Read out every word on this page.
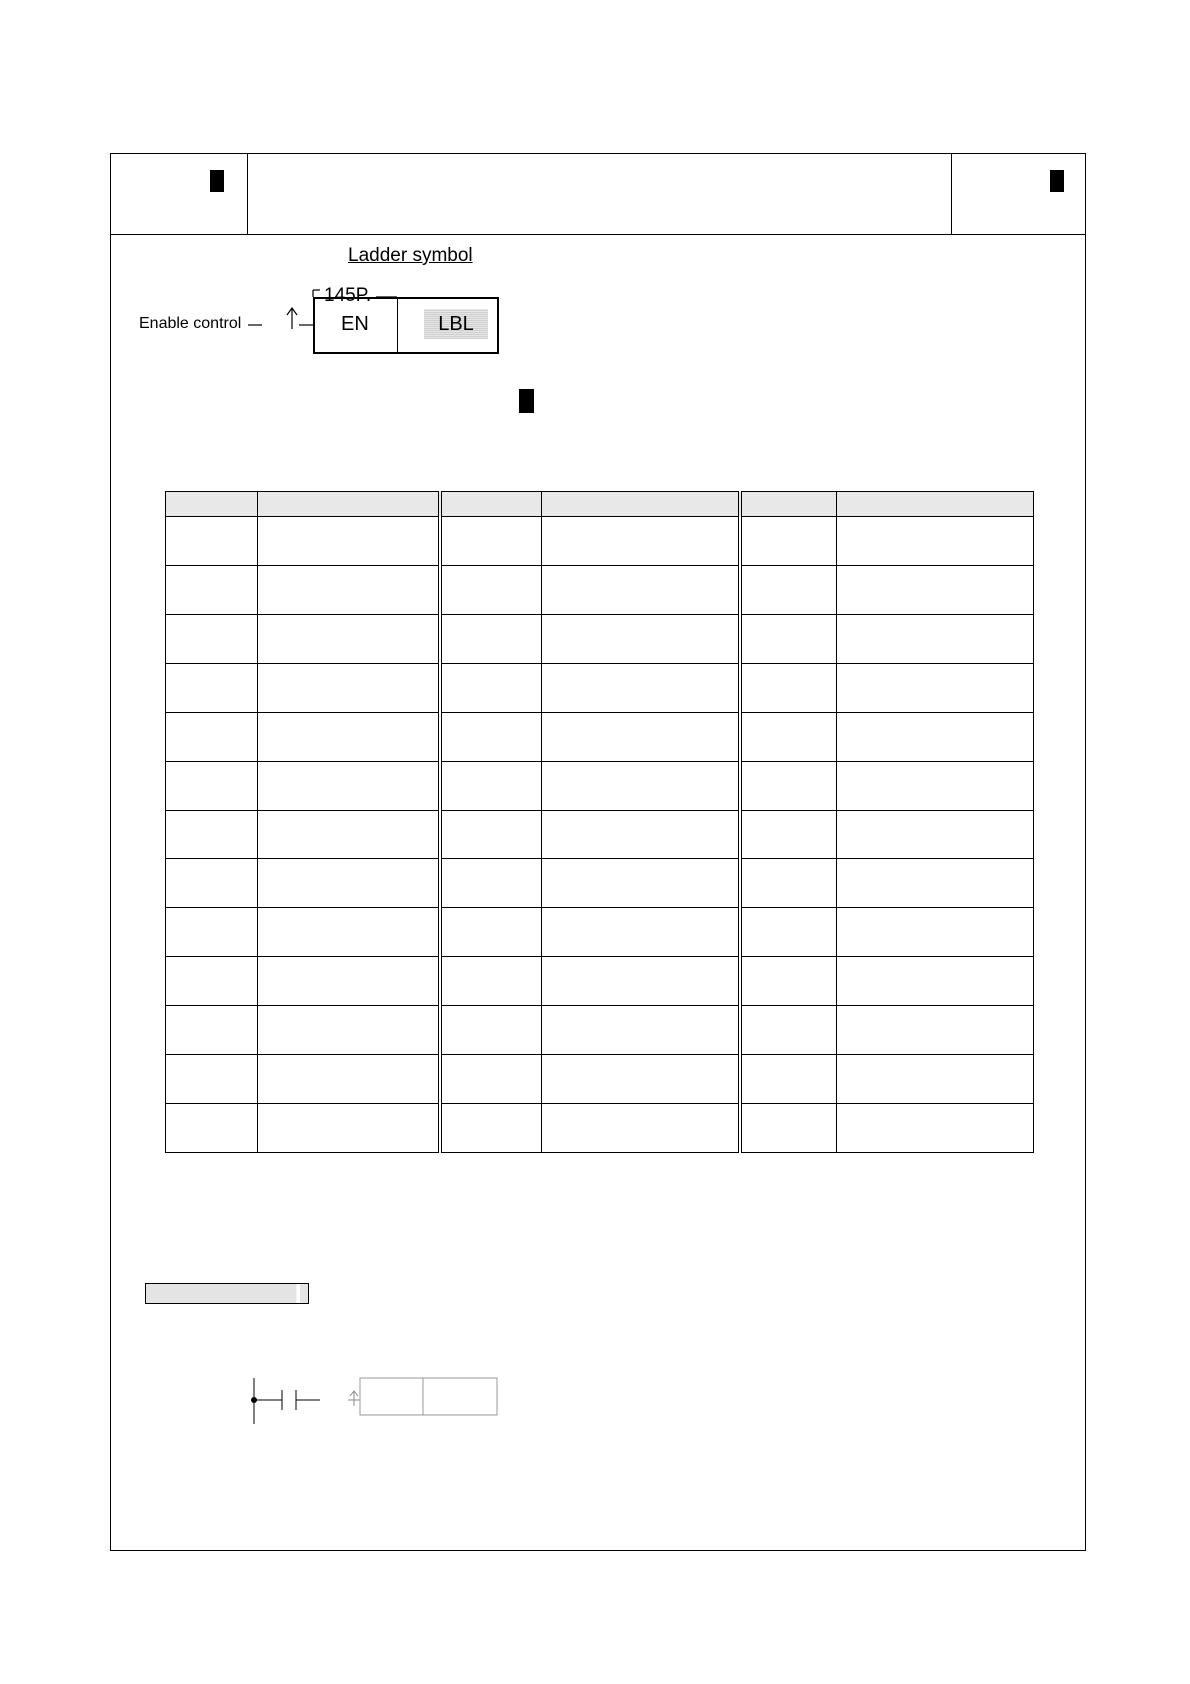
Ladder symbol
Enable control
145P.
EN	LBL
